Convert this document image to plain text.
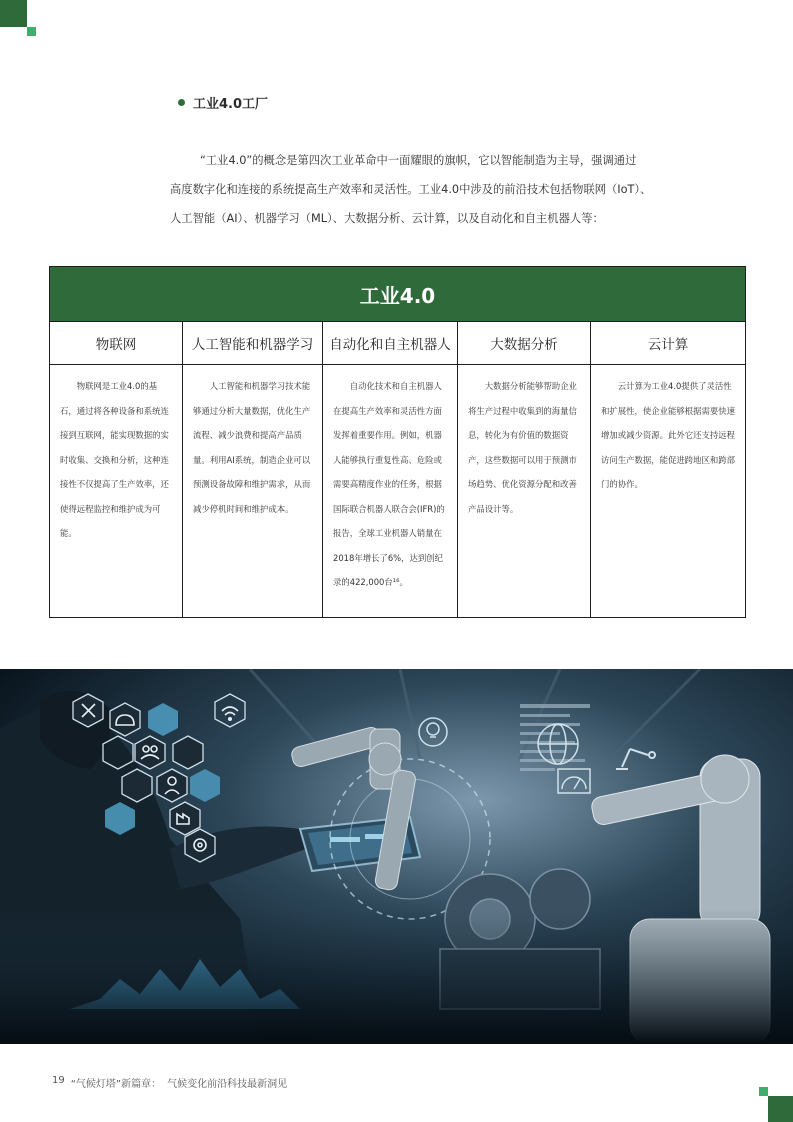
工业4.0工厂

“工业4.0”的概念是第四次工业革命中一面耀眼的旗帜，它以智能制造为主导，强调通过

高度数字化和连接的系统提高生产效率和灵活性。工业4.0中涉及的前沿技术包括物联网（IoT）、

人工智能（AI）、机器学习（ML）、大数据分析、云计算，以及自动化和自主机器人等：

工业4.0				
物联网	人工智能和机器学习	自动化和自主机器人	大数据分析	云计算

物联网是工业4.0的基石，通过将各种设备和系统连接到互联网，能实现数据的实时收集、交换和分析，这种连接性不仅提高了生产效率，还使得远程监控和维护成为可能。	人工智能和机器学习技术能够通过分析大量数据，优化生产流程、减少浪费和提高产品质量。利用AI系统，制造企业可以预测设备故障和维护需求，从而减少停机时间和维护成本。	自动化技术和自主机器人在提高生产效率和灵活性方面发挥着重要作用。例如，机器人能够执行重复性高、危险或需要高精度作业的任务，根据国际联合机器人联合会(IFR)的报告，全球工业机器人销量在2018年增长了6%，达到创纪录的422,000台¹⁶。	大数据分析能够帮助企业将生产过程中收集到的海量信息，转化为有价值的数据资产，这些数据可以用于预测市场趋势、优化资源分配和改善产品设计等。	云计算为工业4.0提供了灵活性和扩展性，使企业能够根据需要快速增加或减少资源。此外它还支持远程访问生产数据，能促进跨地区和跨部门的协作。
19 “气候灯塔”新篇章： 气候变化前沿科技最新洞见
